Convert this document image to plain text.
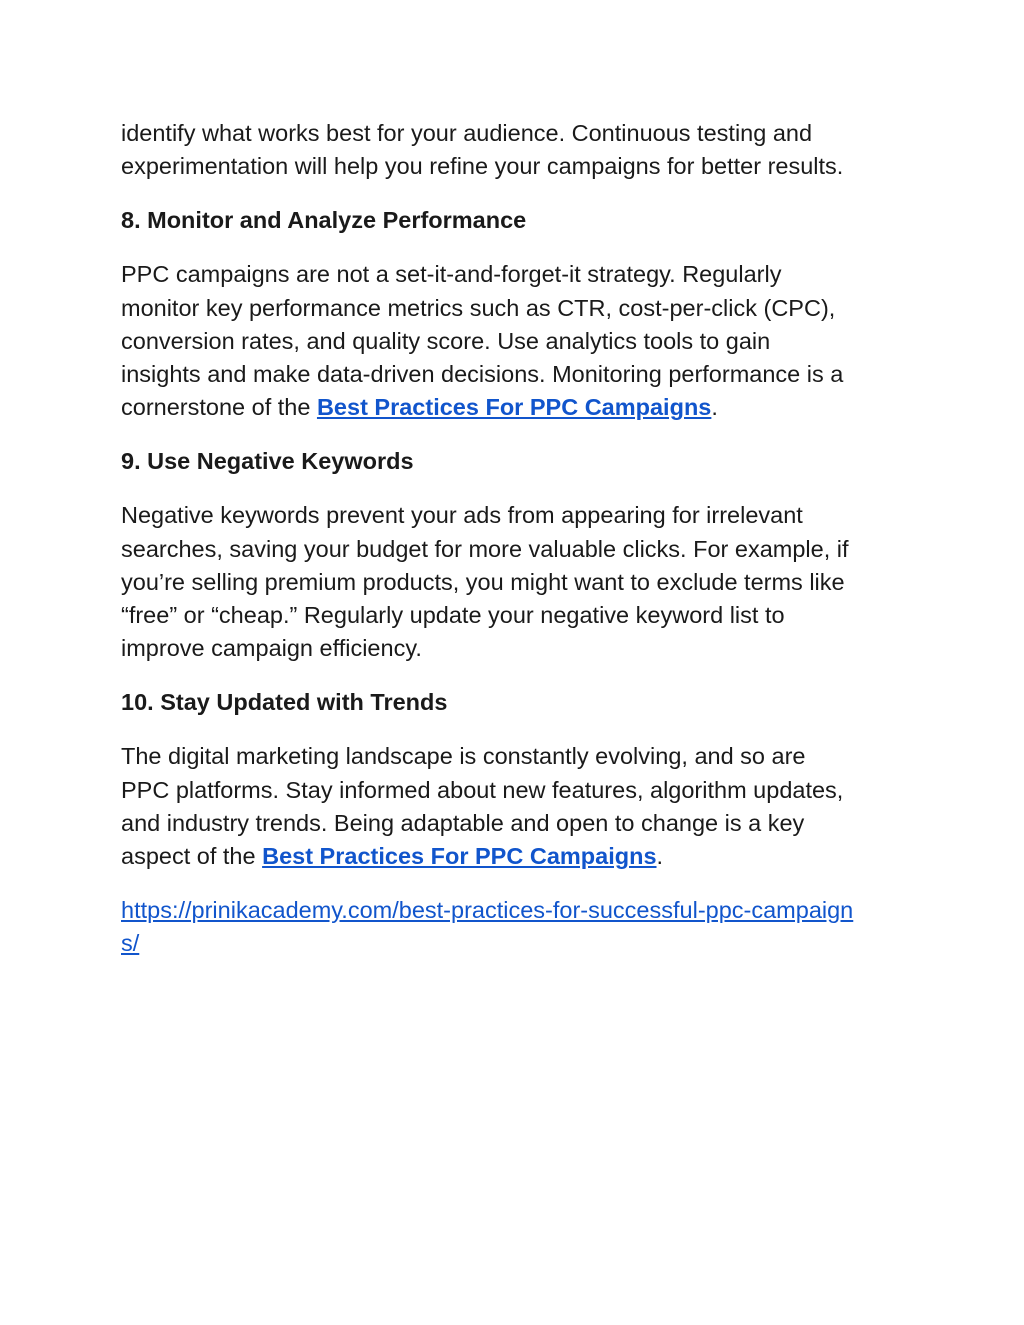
identify what works best for your audience. Continuous testing and
experimentation will help you refine your campaigns for better results.

8. Monitor and Analyze Performance

PPC campaigns are not a set-it-and-forget-it strategy. Regularly
monitor key performance metrics such as CTR, cost-per-click (CPC),
conversion rates, and quality score. Use analytics tools to gain
insights and make data-driven decisions. Monitoring performance is a
cornerstone of the Best Practices For PPC Campaigns.

9. Use Negative Keywords

Negative keywords prevent your ads from appearing for irrelevant
searches, saving your budget for more valuable clicks. For example, if
you’re selling premium products, you might want to exclude terms like
“free” or “cheap.” Regularly update your negative keyword list to
improve campaign efficiency.

10. Stay Updated with Trends

The digital marketing landscape is constantly evolving, and so are
PPC platforms. Stay informed about new features, algorithm updates,
and industry trends. Being adaptable and open to change is a key
aspect of the Best Practices For PPC Campaigns.

https://prinikacademy.com/best-practices-for-successful-ppc-campaign
s/
